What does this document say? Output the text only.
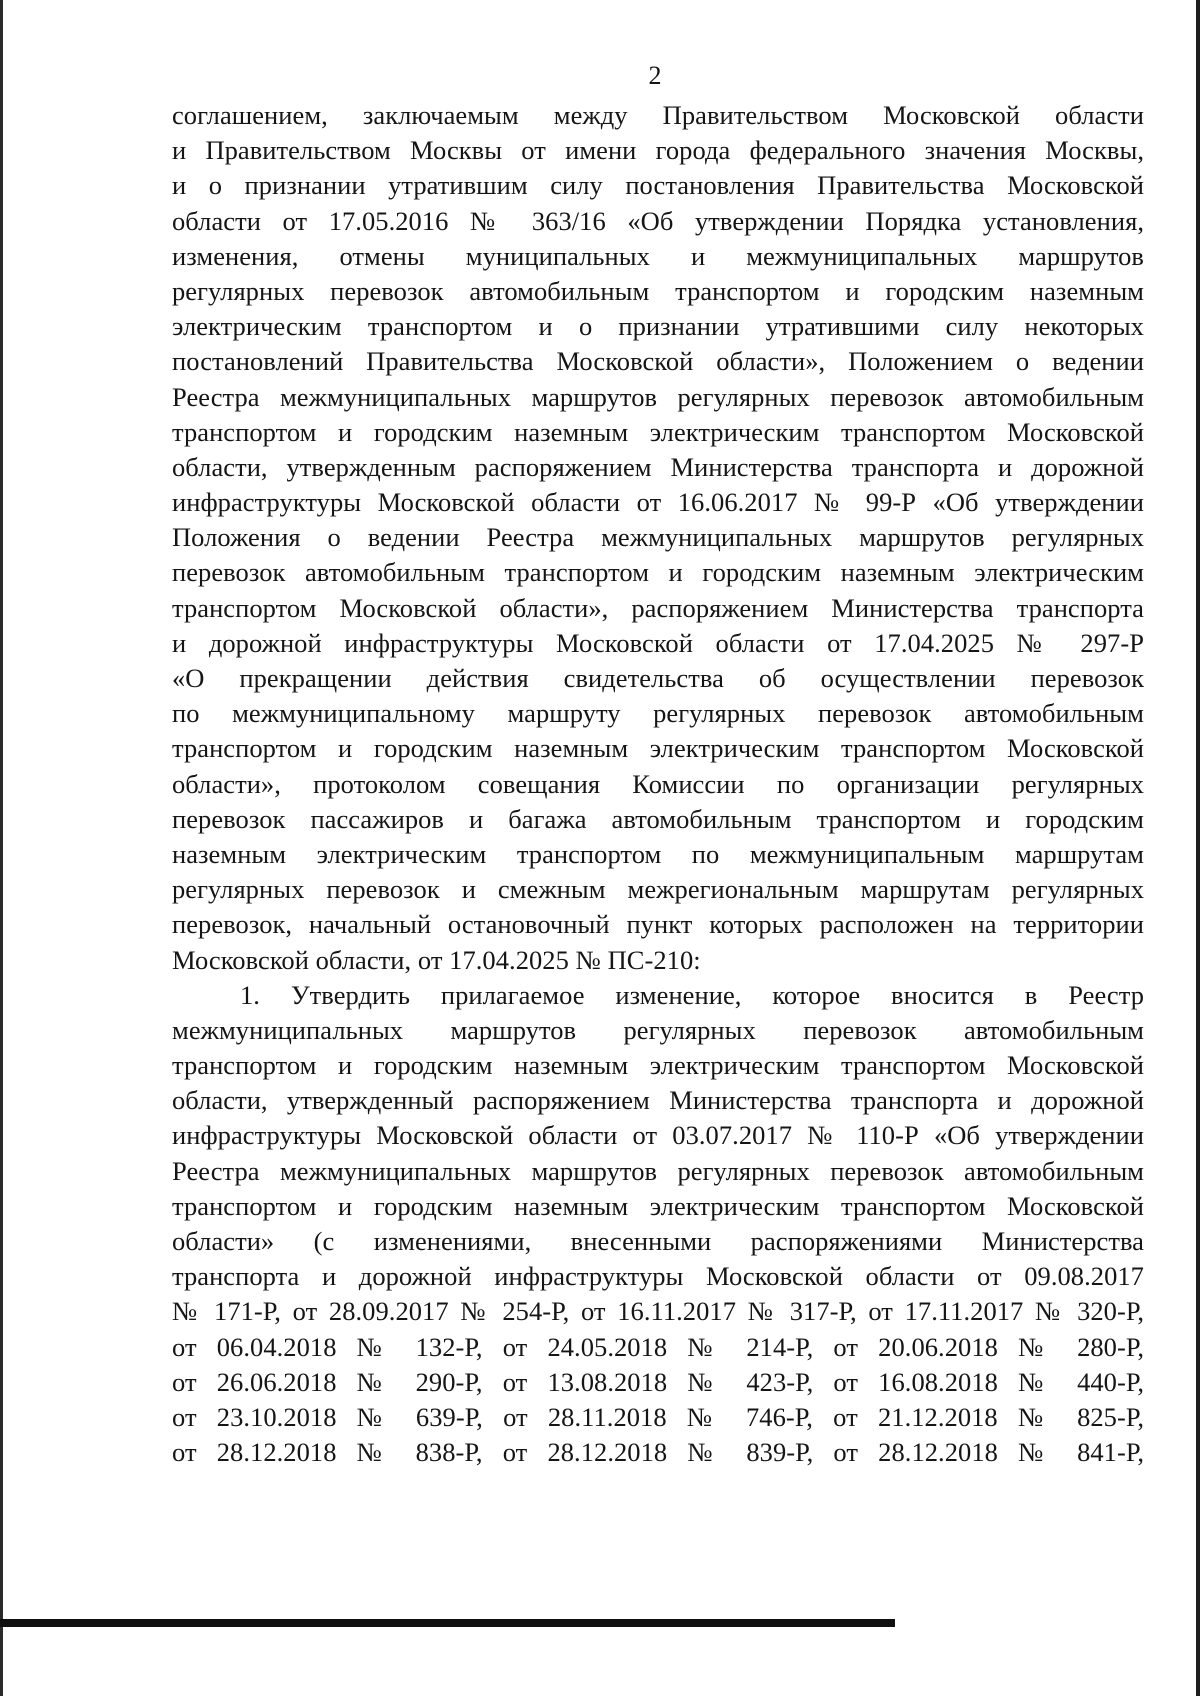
2
соглашением, заключаемым между Правительством Московской области
и Правительством Москвы от имени города федерального значения Москвы,
и о признании утратившим силу постановления Правительства Московской
области от 17.05.2016 № 363/16 «Об утверждении Порядка установления,
изменения, отмены муниципальных и межмуниципальных маршрутов
регулярных перевозок автомобильным транспортом и городским наземным
электрическим транспортом и о признании утратившими силу некоторых
постановлений Правительства Московской области», Положением о ведении
Реестра межмуниципальных маршрутов регулярных перевозок автомобильным
транспортом и городским наземным электрическим транспортом Московской
области, утвержденным распоряжением Министерства транспорта и дорожной
инфраструктуры Московской области от 16.06.2017 № 99-Р «Об утверждении
Положения о ведении Реестра межмуниципальных маршрутов регулярных
перевозок автомобильным транспортом и городским наземным электрическим
транспортом Московской области», распоряжением Министерства транспорта
и дорожной инфраструктуры Московской области от 17.04.2025 № 297-Р
«О прекращении действия свидетельства об осуществлении перевозок
по межмуниципальному маршруту регулярных перевозок автомобильным
транспортом и городским наземным электрическим транспортом Московской
области», протоколом совещания Комиссии по организации регулярных
перевозок пассажиров и багажа автомобильным транспортом и городским
наземным электрическим транспортом по межмуниципальным маршрутам
регулярных перевозок и смежным межрегиональным маршрутам регулярных
перевозок, начальный остановочный пункт которых расположен на территории
Московской области, от 17.04.2025 № ПС-210:
1. Утвердить прилагаемое изменение, которое вносится в Реестр
межмуниципальных маршрутов регулярных перевозок автомобильным
транспортом и городским наземным электрическим транспортом Московской
области, утвержденный распоряжением Министерства транспорта и дорожной
инфраструктуры Московской области от 03.07.2017 № 110-Р «Об утверждении
Реестра межмуниципальных маршрутов регулярных перевозок автомобильным
транспортом и городским наземным электрическим транспортом Московской
области» (с изменениями, внесенными распоряжениями Министерства
транспорта и дорожной инфраструктуры Московской области от 09.08.2017
№ 171-Р, от 28.09.2017 № 254-Р, от 16.11.2017 № 317-Р, от 17.11.2017 № 320-Р,
от 06.04.2018 № 132-Р, от 24.05.2018 № 214-Р, от 20.06.2018 № 280-Р,
от 26.06.2018 № 290-Р, от 13.08.2018 № 423-Р, от 16.08.2018 № 440-Р,
от 23.10.2018 № 639-Р, от 28.11.2018 № 746-Р, от 21.12.2018 № 825-Р,
от 28.12.2018 № 838-Р, от 28.12.2018 № 839-Р, от 28.12.2018 № 841-Р,
